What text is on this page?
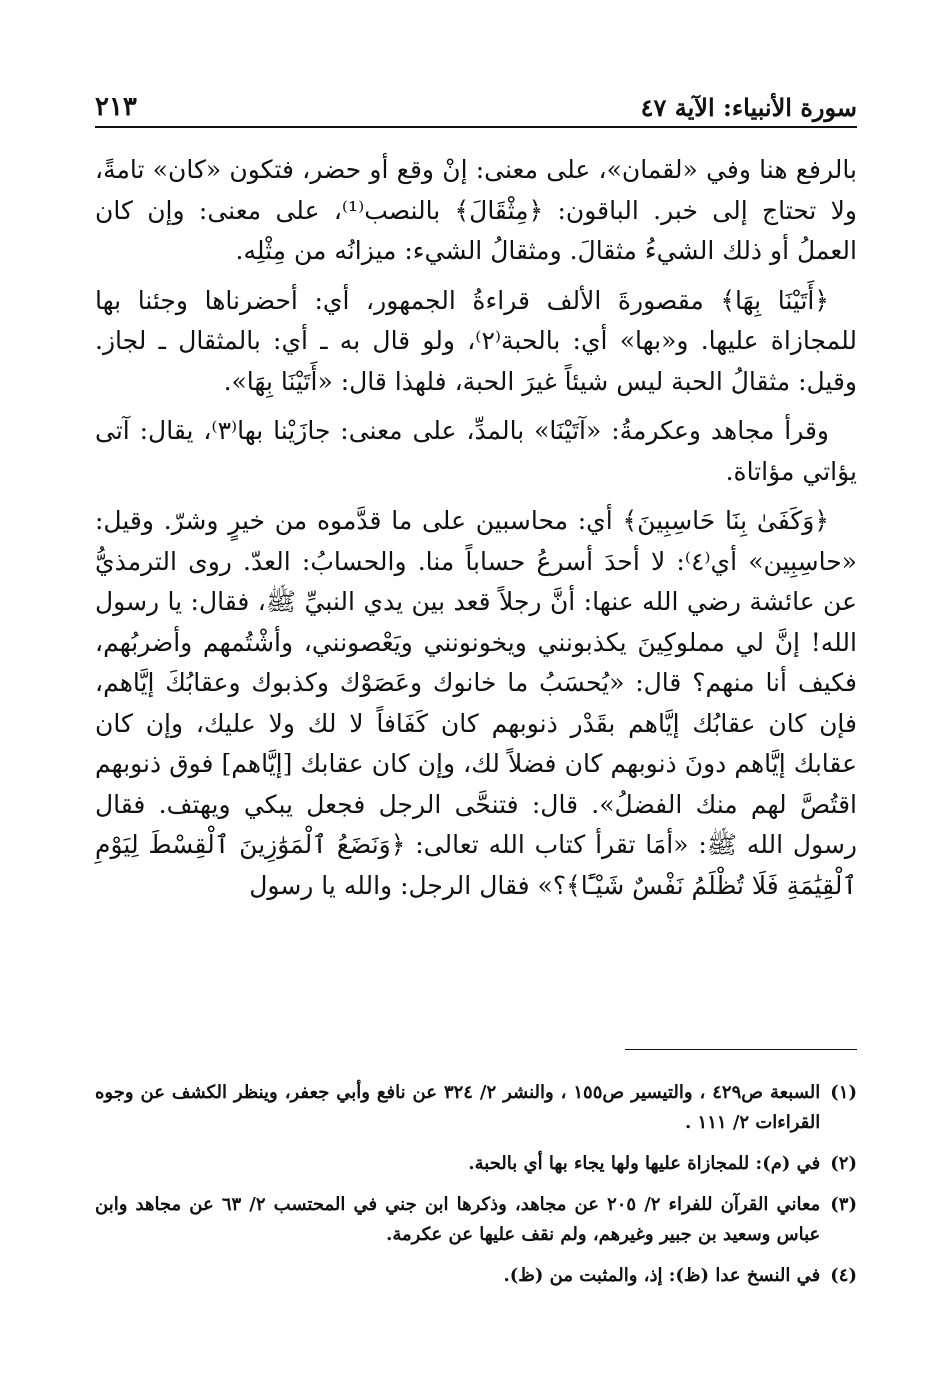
سورة الأنبياء: الآية ٤٧
٢١٣

بالرفع هنا وفي «لقمان»، على معنى: إنْ وقع أو حضر، فتكون «كان» تامةً، ولا تحتاج إلى خبر. الباقون: ﴿مِثْقَالَ﴾ بالنصب⁽¹⁾، على معنى: وإن كان العملُ أو ذلك الشيءُ مثقالَ. ومثقالُ الشيء: ميزانُه من مِثْلِه.

﴿أَتَيْنَا بِهَا﴾ مقصورةَ الألف قراءةُ الجمهور، أي: أحضرناها وجئنا بها للمجازاة عليها. و«بها» أي: بالحبة⁽٢⁾، ولو قال به ـ أي: بالمثقال ـ لجاز. وقيل: مثقالُ الحبة ليس شيئاً غيرَ الحبة، فلهذا قال: «أَتَيْنَا بِهَا».

وقرأ مجاهد وعكرمةُ: «آتَيْنَا» بالمدِّ، على معنى: جازَيْنا بها⁽٣⁾، يقال: آتى يؤاتي مؤاتاة.

﴿وَكَفَىٰ بِنَا حَاسِبِينَ﴾ أي: محاسبين على ما قدَّموه من خيرٍ وشرّ. وقيل: «حاسِبِين» أي⁽٤⁾: لا أحدَ أسرعُ حساباً منا. والحسابُ: العدّ. روى الترمذيُّ عن عائشة رضي الله عنها: أنَّ رجلاً قعد بين يدي النبيِّ ﷺ، فقال: يا رسول الله! إنَّ لي مملوكِينَ يكذبونني ويخونونني ويَعْصونني، وأشْتُمهم وأضربُهم، فكيف أنا منهم؟ قال: «يُحسَبُ ما خانوك وعَصَوْك وكذبوك وعقابُكَ إيَّاهم، فإن كان عقابُك إيَّاهم بقَدْر ذنوبهم كان كَفَافاً لا لك ولا عليك، وإن كان عقابك إيَّاهم دونَ ذنوبهم كان فضلاً لك، وإن كان عقابك [إيَّاهم] فوق ذنوبهم اقتُصَّ لهم منك الفضلُ». قال: فتنحَّى الرجل فجعل يبكي ويهتف. فقال رسول الله ﷺ: «أمَا تقرأ كتاب الله تعالى: ﴿وَنَضَعُ ٱلْمَوَٰزِينَ ٱلْقِسْطَ لِيَوْمِ ٱلْقِيَٰمَةِ فَلَا تُظْلَمُ نَفْسٌ شَيْـًٔا﴾؟» فقال الرجل: والله يا رسول

(١)
السبعة ص٤٢٩ ، والتيسير ص١٥٥ ، والنشر ٢/ ٣٢٤ عن نافع وأبي جعفر، وينظر الكشف عن وجوه القراءات ٢/ ١١١ .
(٢)
في (م): للمجازاة عليها ولها يجاء بها أي بالحبة.
(٣)
معاني القرآن للفراء ٢/ ٢٠٥ عن مجاهد، وذكرها ابن جني في المحتسب ٢/ ٦٣ عن مجاهد وابن عباس وسعيد بن جبير وغيرهم، ولم نقف عليها عن عكرمة.
(٤)
في النسخ عدا (ظ): إذ، والمثبت من (ظ).
